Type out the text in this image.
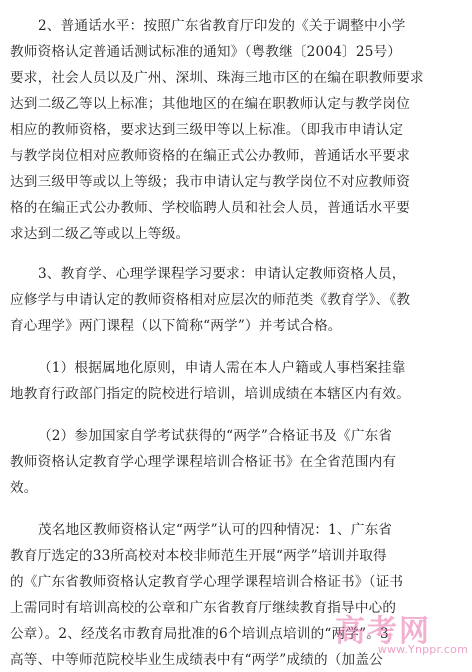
2、普通话水平：按照广东省教育厅印发的《关于调整中小学
教师资格认定普通话测试标准的通知》（粤教继〔2004〕25号）
要求，社会人员以及广州、深圳、珠海三地市区的在编在职教师要求
达到二级乙等以上标准；其他地区的在编在职教师认定与教学岗位
相应的教师资格，要求达到三级甲等以上标准。（即我市申请认定
与教学岗位相对应教师资格的在编正式公办教师，普通话水平要求
达到三级甲等或以上等级；我市申请认定与教学岗位不对应教师资
格的在编正式公办教师、学校临聘人员和社会人员，普通话水平要
求达到二级乙等或以上等级。
3、教育学、心理学课程学习要求：申请认定教师资格人员，
应修学与申请认定的教师资格相对应层次的师范类《教育学》、《教
育心理学》两门课程（以下简称“两学”）并考试合格。
（1）根据属地化原则，申请人需在本人户籍或人事档案挂靠
地教育行政部门指定的院校进行培训，培训成绩在本辖区内有效。
（2）参加国家自学考试获得的“两学”合格证书及《广东省
教师资格认定教育学心理学课程培训合格证书》在全省范围内有
效。
茂名地区教师资格认定“两学”认可的四种情况：1、广东省
教育厅选定的33所高校对本校非师范生开展“两学”培训并取得
的《广东省教师资格认定教育学心理学课程培训合格证书》（证书
上需同时有培训高校的公章和广东省教育厅继续教育指导中心的
公章）。2、经茂名市教育局批准的6个培训点培训的“两学”。3
高等、中等师范院校毕业生成绩表中有“两学”成绩的（加盖公
高考网
www.Ynppr.com
